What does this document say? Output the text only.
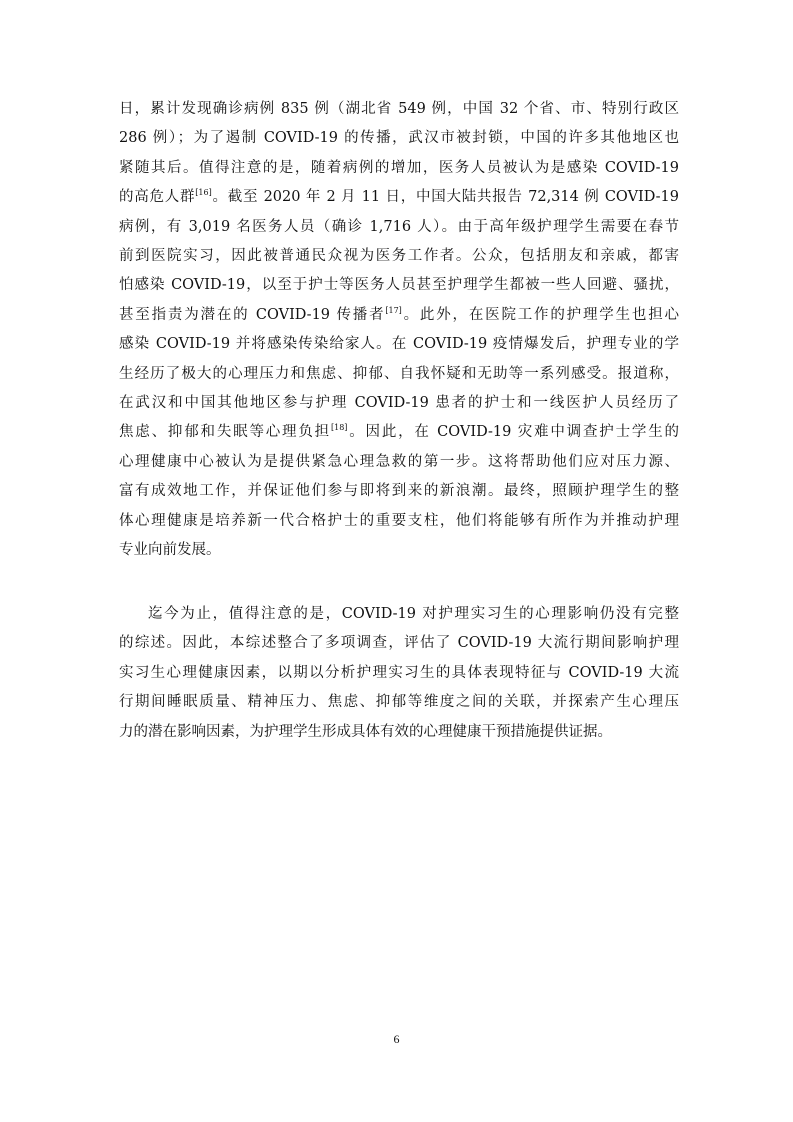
日，累计发现确诊病例 835 例（湖北省 549 例，中国 32 个省、市、特别行政区
286 例）；为了遏制 COVID-19 的传播，武汉市被封锁，中国的许多其他地区也
紧随其后。值得注意的是，随着病例的增加，医务人员被认为是感染 COVID-19
的高危人群[16]。截至 2020 年 2 月 11 日，中国大陆共报告 72,314 例 COVID-19
病例，有 3,019 名医务人员（确诊 1,716 人）。由于高年级护理学生需要在春节
前到医院实习，因此被普通民众视为医务工作者。公众，包括朋友和亲戚，都害
怕感染 COVID-19，以至于护士等医务人员甚至护理学生都被一些人回避、骚扰，
甚至指责为潜在的 COVID-19 传播者[17]。此外，在医院工作的护理学生也担心
感染 COVID-19 并将感染传染给家人。在 COVID-19 疫情爆发后，护理专业的学
生经历了极大的心理压力和焦虑、抑郁、自我怀疑和无助等一系列感受。报道称，
在武汉和中国其他地区参与护理 COVID-19 患者的护士和一线医护人员经历了
焦虑、抑郁和失眠等心理负担[18]。因此，在 COVID-19 灾难中调查护士学生的
心理健康中心被认为是提供紧急心理急救的第一步。这将帮助他们应对压力源、
富有成效地工作，并保证他们参与即将到来的新浪潮。最终，照顾护理学生的整
体心理健康是培养新一代合格护士的重要支柱，他们将能够有所作为并推动护理
专业向前发展。
迄今为止，值得注意的是，COVID-19 对护理实习生的心理影响仍没有完整
的综述。因此，本综述整合了多项调查，评估了 COVID-19 大流行期间影响护理
实习生心理健康因素，以期以分析护理实习生的具体表现特征与 COVID-19 大流
行期间睡眠质量、精神压力、焦虑、抑郁等维度之间的关联，并探索产生心理压
力的潜在影响因素，为护理学生形成具体有效的心理健康干预措施提供证据。
6
